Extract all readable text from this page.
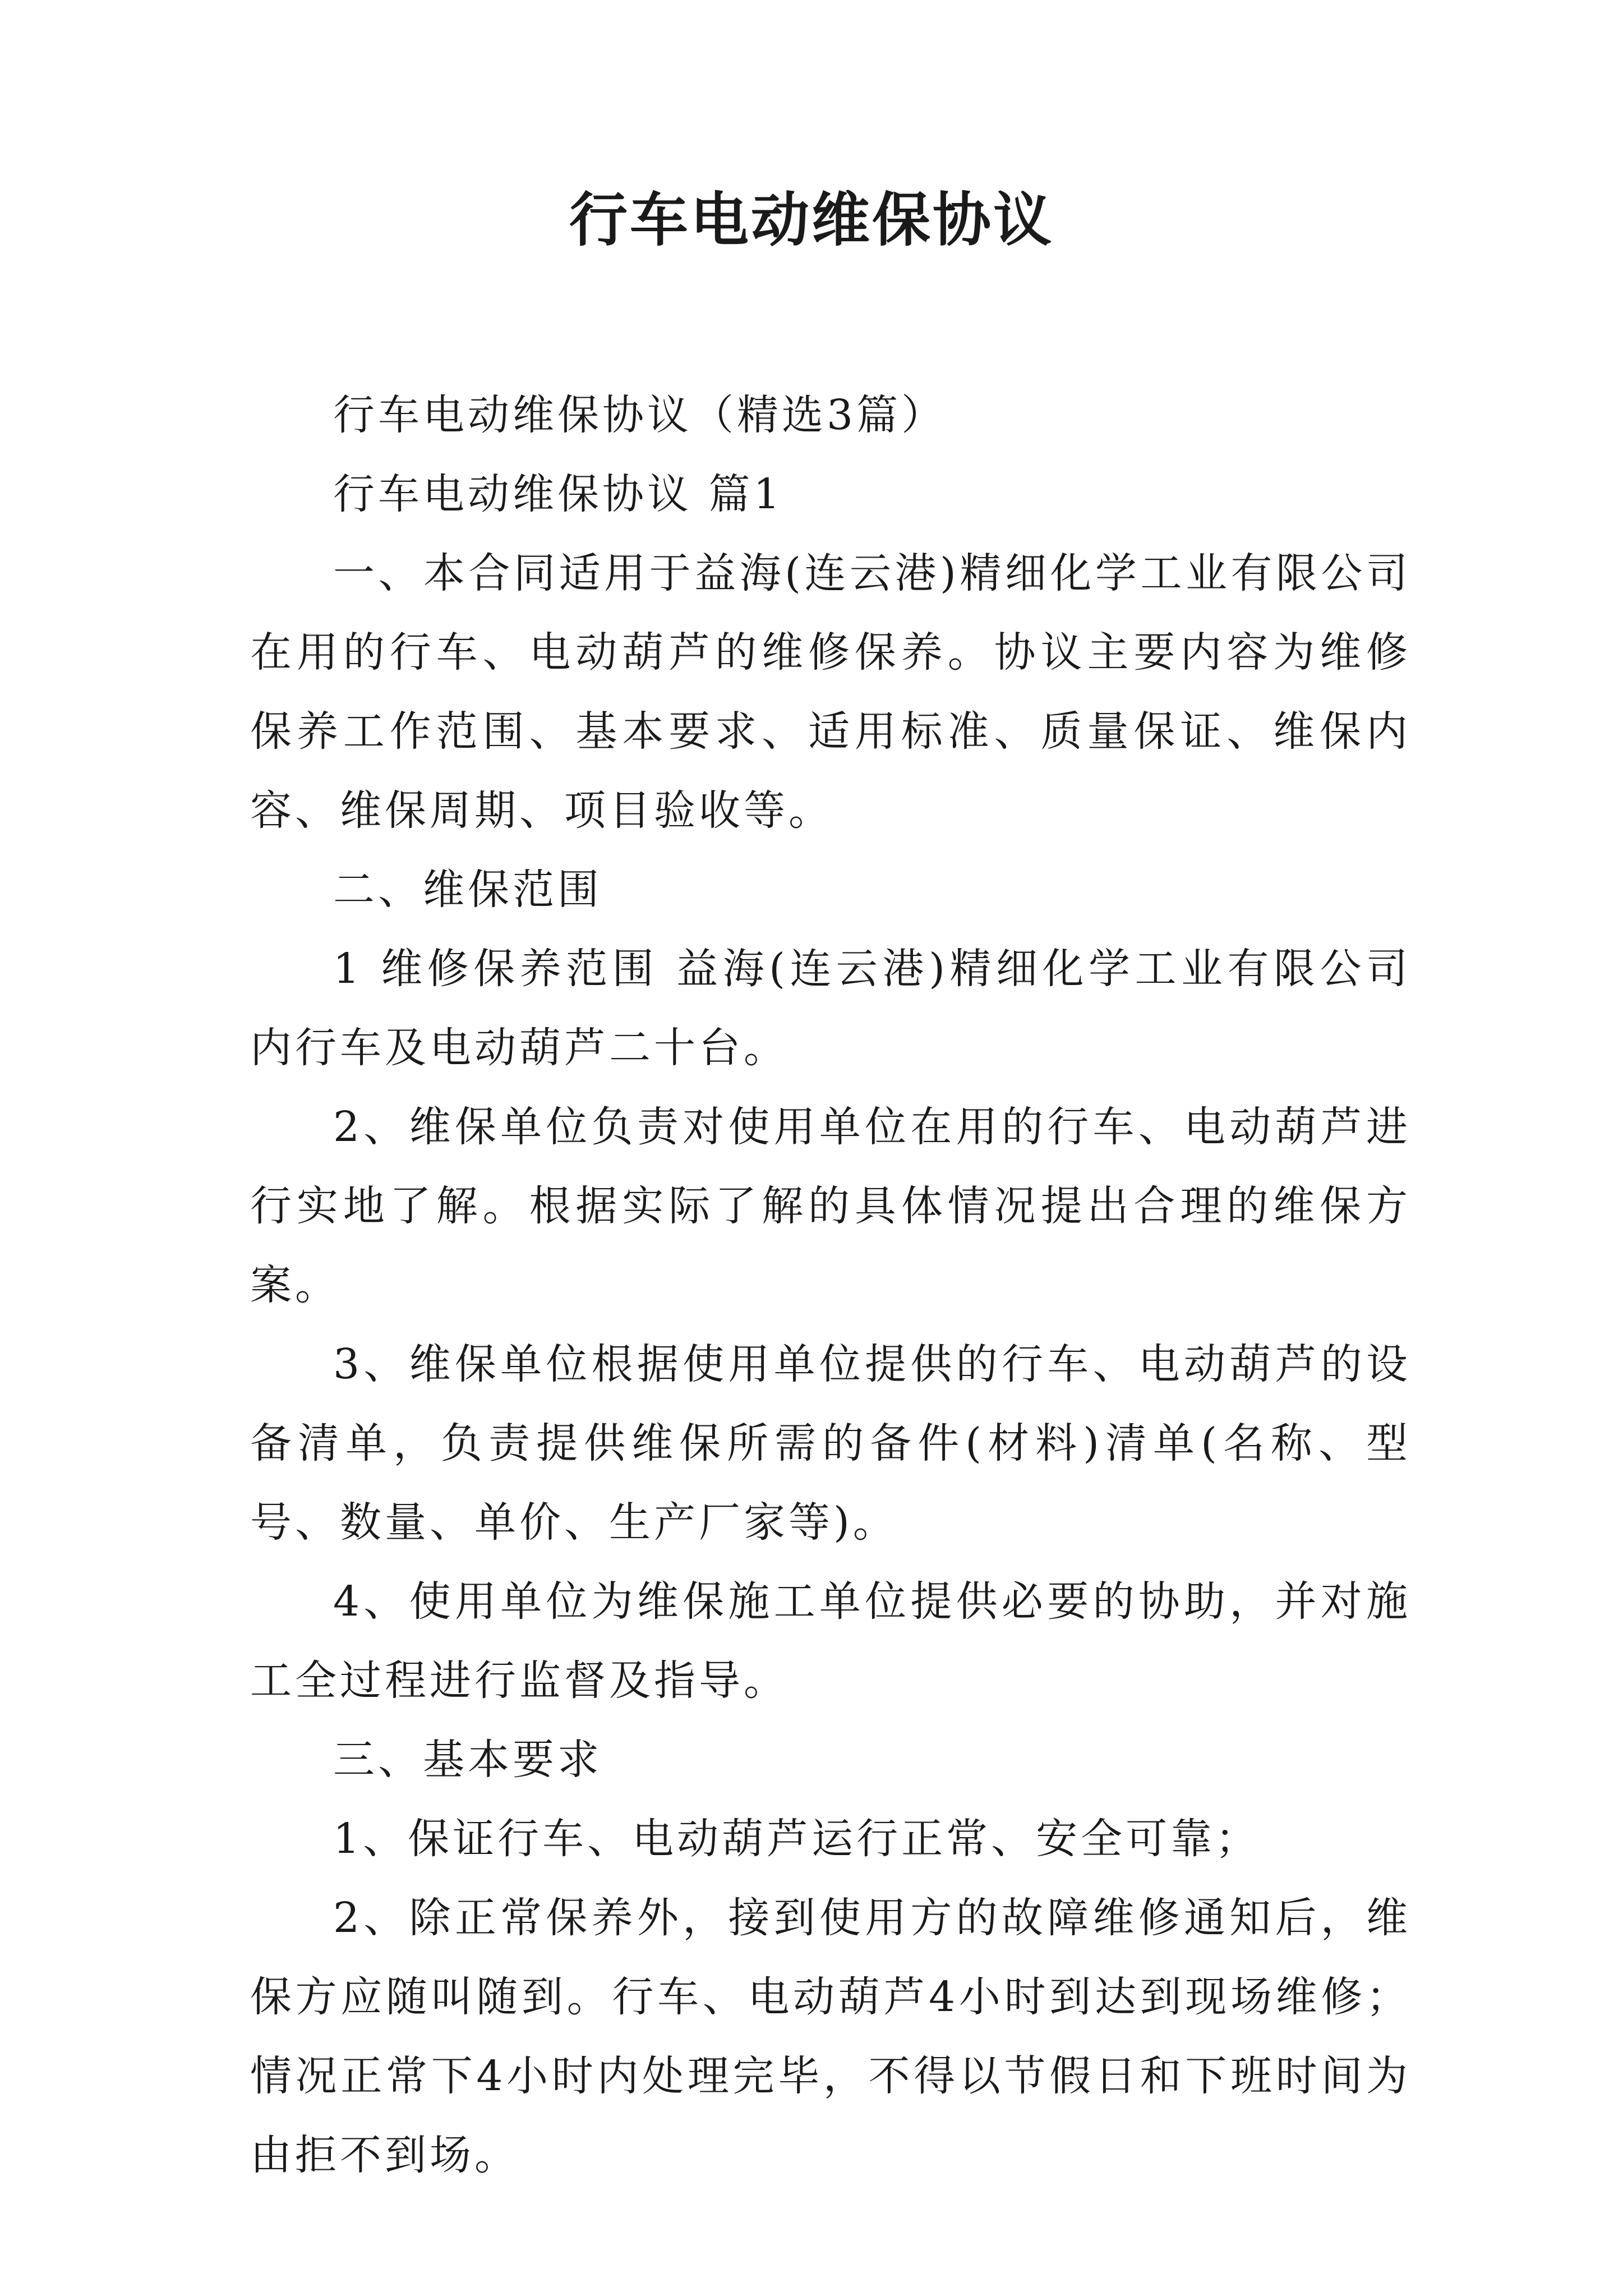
行车电动维保协议

行车电动维保协议（精选3篇）

行车电动维保协议 篇1

一、本合同适用于益海(连云港)精细化学工业有限公司在用的行车、电动葫芦的维修保养。协议主要内容为维修保养工作范围、基本要求、适用标准、质量保证、维保内容、维保周期、项目验收等。

二、维保范围

1 维修保养范围 益海(连云港)精细化学工业有限公司内行车及电动葫芦二十台。

2、维保单位负责对使用单位在用的行车、电动葫芦进行实地了解。根据实际了解的具体情况提出合理的维保方案。

3、维保单位根据使用单位提供的行车、电动葫芦的设备清单，负责提供维保所需的备件(材料)清单(名称、型号、数量、单价、生产厂家等)。

4、使用单位为维保施工单位提供必要的协助，并对施工全过程进行监督及指导。

三、基本要求

1、保证行车、电动葫芦运行正常、安全可靠；

2、除正常保养外，接到使用方的故障维修通知后，维保方应随叫随到。行车、电动葫芦4小时到达到现场维修；情况正常下4小时内处理完毕，不得以节假日和下班时间为由拒不到场。
